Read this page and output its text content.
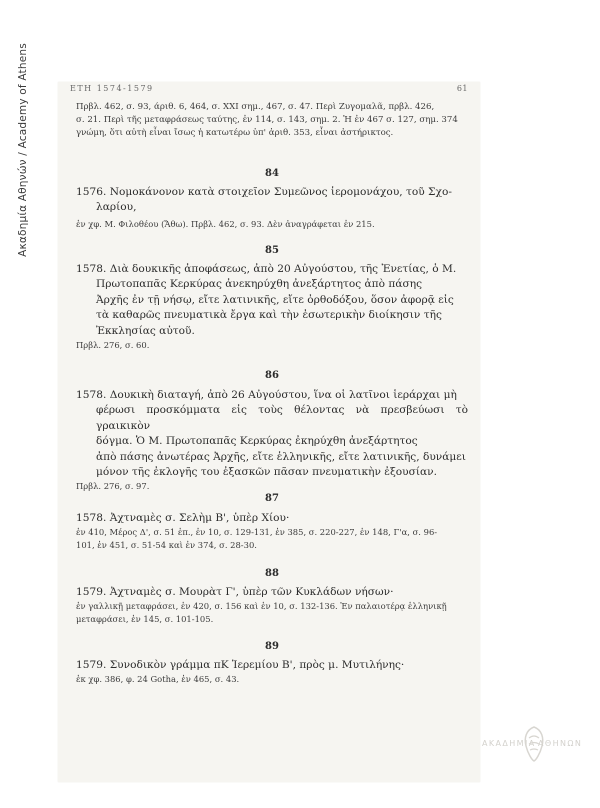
Ακαδημία Αθηνών / Academy of Athens	ΕΤΗ 1574-1579	61

Πρβλ. 462, σ. 93, άριθ. 6, 464, σ. XXI σημ., 467, σ. 47. Περὶ Ζυγομαλᾶ, πρβλ. 426,

σ. 21. Περὶ τῆς μεταφράσεως ταύτης, ἐν 114, σ. 143, σημ. 2. Ἡ ἐν 467 σ. 127, σημ. 374

γνώμη, ὅτι αὐτὴ εἶναι ἴσως ἡ κατωτέρω ὑπ' ἀριθ. 353, εἶναι ἀστήρικτος.

84

1576. Νομοκάνονον κατὰ στοιχεῖον Συμεῶνος ἱερομονάχου, τοῦ Σχο-

λαρίου,

ἐν χφ. Μ. Φιλοθέου (Ἄθω). Πρβλ. 462, σ. 93. Δὲν ἀναγράφεται ἐν 215.

85

1578. Διὰ δουκικῆς ἀποφάσεως, ἀπὸ 20 Αὐγούστου, τῆς Ἐνετίας, ὁ Μ.

Πρωτοπαπᾶς Κερκύρας ἀνεκηρύχθη ἀνεξάρτητος ἀπὸ πάσης

Ἀρχῆς ἐν τῇ νήσῳ, εἴτε λατινικῆς, εἴτε ὀρθοδόξου, ὅσον ἀφορᾷ εἰς

τὰ καθαρῶς πνευματικὰ ἔργα καὶ τὴν ἐσωτερικὴν διοίκησιν τῆς

Ἐκκλησίας αὐτοῦ.

Πρβλ. 276, σ. 60.

86

1578. Δουκικὴ διαταγή, ἀπὸ 26 Αὐγούστου, ἵνα οἱ λατῖνοι ἱεράρχαι μὴ

φέρωσι προσκόμματα εἰς τοὺς θέλοντας νὰ πρεσβεύωσι τὸ γραικικὸν

δόγμα. Ὁ Μ. Πρωτοπαπᾶς Κερκύρας ἐκηρύχθη ἀνεξάρτητος

ἀπὸ πάσης ἀνωτέρας Ἀρχῆς, εἴτε ἑλληνικῆς, εἴτε λατινικῆς, δυνάμει

μόνον τῆς ἐκλογῆς του ἐξασκῶν πᾶσαν πνευματικὴν ἐξουσίαν.

Πρβλ. 276, σ. 97.

87

1578. Ἀχτναμὲς σ. Σελὴμ Β', ὑπὲρ Χίου·

ἐν 410, Μέρος Δ', σ. 51 ἐπ., ἐν 10, σ. 129-131, ἐν 385, σ. 220-227, ἐν 148, Γ'α, σ. 96-

101, ἐν 451, σ. 51-54 καὶ ἐν 374, σ. 28-30.

88

1579. Ἀχτναμὲς σ. Μουρὰτ Γ', ὑπὲρ τῶν Κυκλάδων νήσων·

ἐν γαλλικῇ μεταφράσει, ἐν 420, σ. 156 καὶ ἐν 10, σ. 132-136. Ἐν παλαιοτέρᾳ ἑλληνικῇ

μεταφράσει, ἐν 145, σ. 101-105.

89

1579. Συνοδικὸν γράμμα πΚ Ἱερεμίου Β', πρὸς μ. Μυτιλήνης·

ἐκ χφ. 386, φ. 24 Gotha, ἐν 465, σ. 43.

ΑΚΑΔΗΜΙΑ ΑΘΗΝΩΝ
